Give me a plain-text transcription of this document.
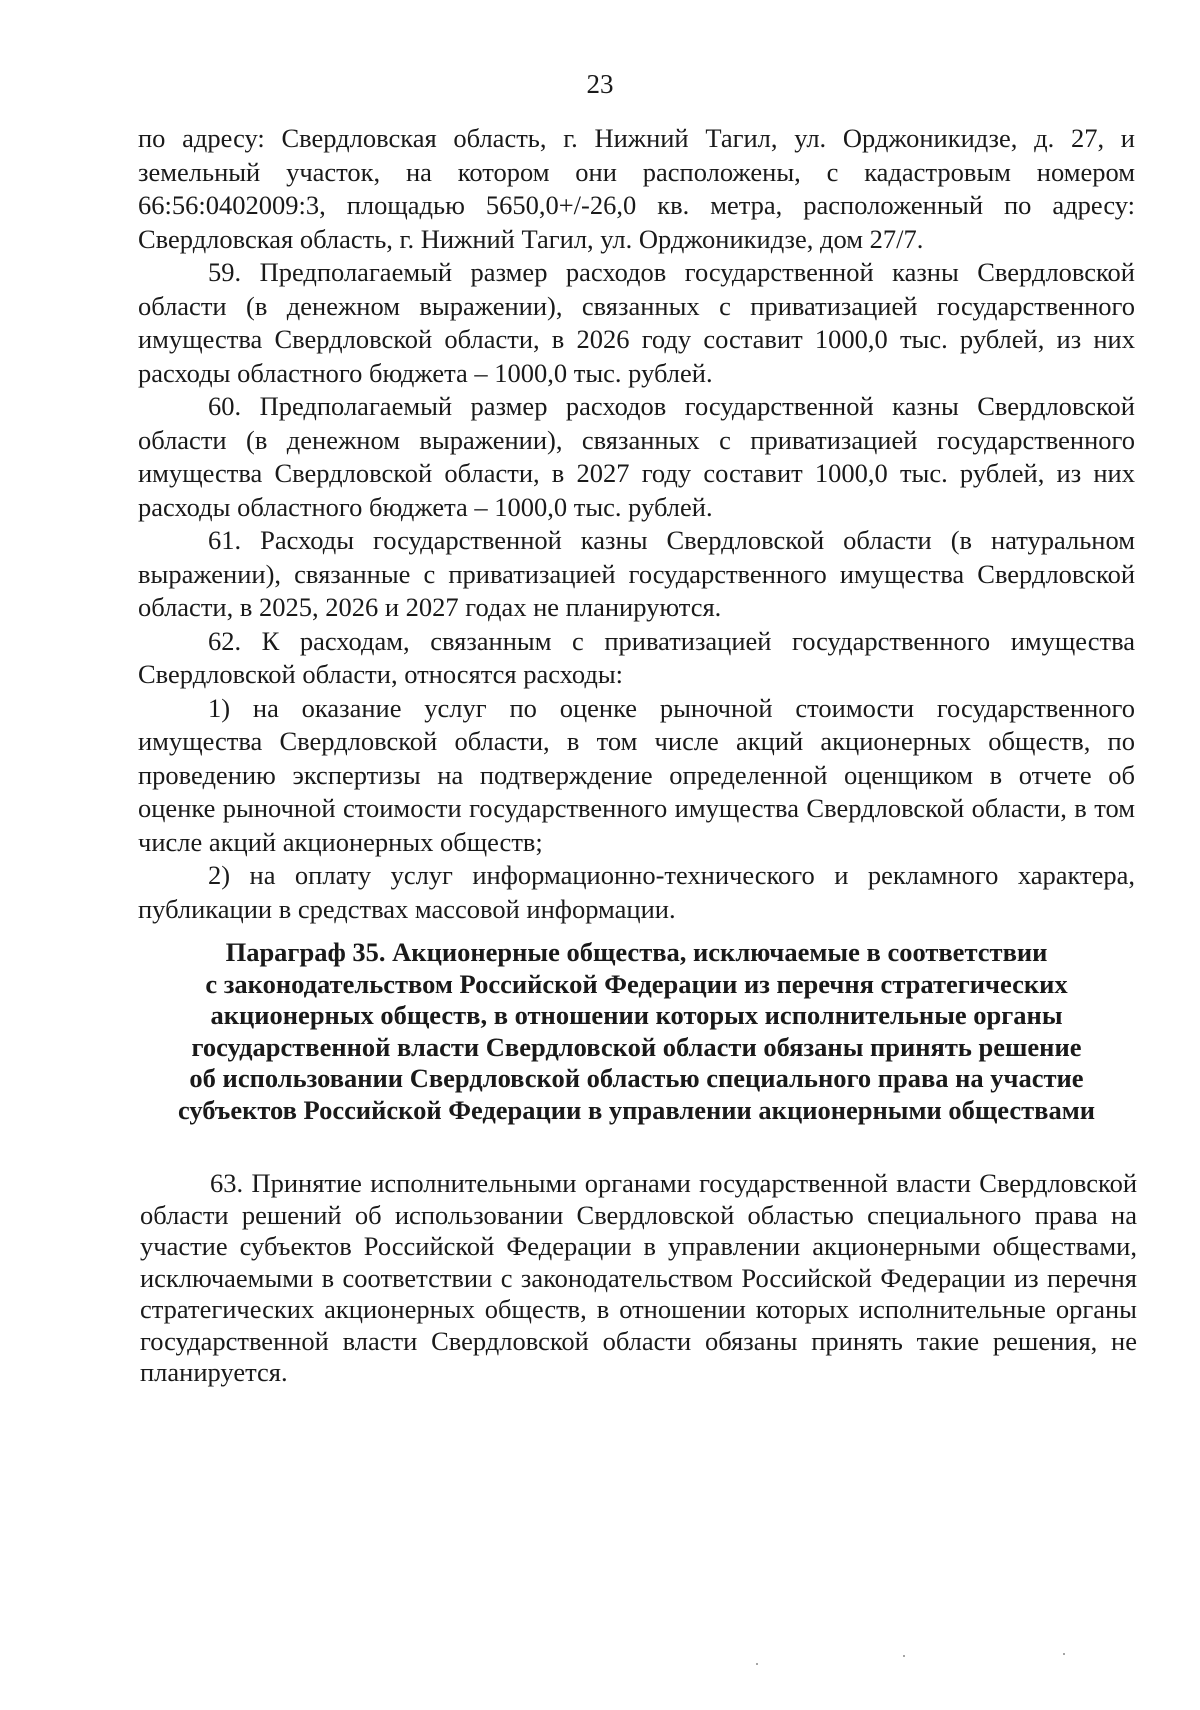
23

по адресу: Свердловская область, г. Нижний Тагил, ул. Орджоникидзе, д. 27, и земельный участок, на котором они расположены, с кадастровым номером 66:56:0402009:3, площадью 5650,0+/-26,0 кв. метра, расположенный по адресу: Свердловская область, г. Нижний Тагил, ул. Орджоникидзе, дом 27/7.

59. Предполагаемый размер расходов государственной казны Свердловской области (в денежном выражении), связанных с приватизацией государственного имущества Свердловской области, в 2026 году составит 1000,0 тыс. рублей, из них расходы областного бюджета – 1000,0 тыс. рублей.

60. Предполагаемый размер расходов государственной казны Свердловской области (в денежном выражении), связанных с приватизацией государственного имущества Свердловской области, в 2027 году составит 1000,0 тыс. рублей, из них расходы областного бюджета – 1000,0 тыс. рублей.

61. Расходы государственной казны Свердловской области (в натуральном выражении), связанные с приватизацией государственного имущества Свердловской области, в 2025, 2026 и 2027 годах не планируются.

62. К расходам, связанным с приватизацией государственного имущества Свердловской области, относятся расходы:

1) на оказание услуг по оценке рыночной стоимости государственного имущества Свердловской области, в том числе акций акционерных обществ, по проведению экспертизы на подтверждение определенной оценщиком в отчете об оценке рыночной стоимости государственного имущества Свердловской области, в том числе акций акционерных обществ;

2) на оплату услуг информационно-технического и рекламного характера, публикации в средствах массовой информации.

Параграф 35. Акционерные общества, исключаемые в соответствии
с законодательством Российской Федерации из перечня стратегических
акционерных обществ, в отношении которых исполнительные органы
государственной власти Свердловской области обязаны принять решение
об использовании Свердловской областью специального права на участие
субъектов Российской Федерации в управлении акционерными обществами

63. Принятие исполнительными органами государственной власти Свердловской области решений об использовании Свердловской областью специального права на участие субъектов Российской Федерации в управлении акционерными обществами, исключаемыми в соответствии с законодательством Российской Федерации из перечня стратегических акционерных обществ, в отношении которых исполнительные органы государственной власти Свердловской области обязаны принять такие решения, не планируется.
